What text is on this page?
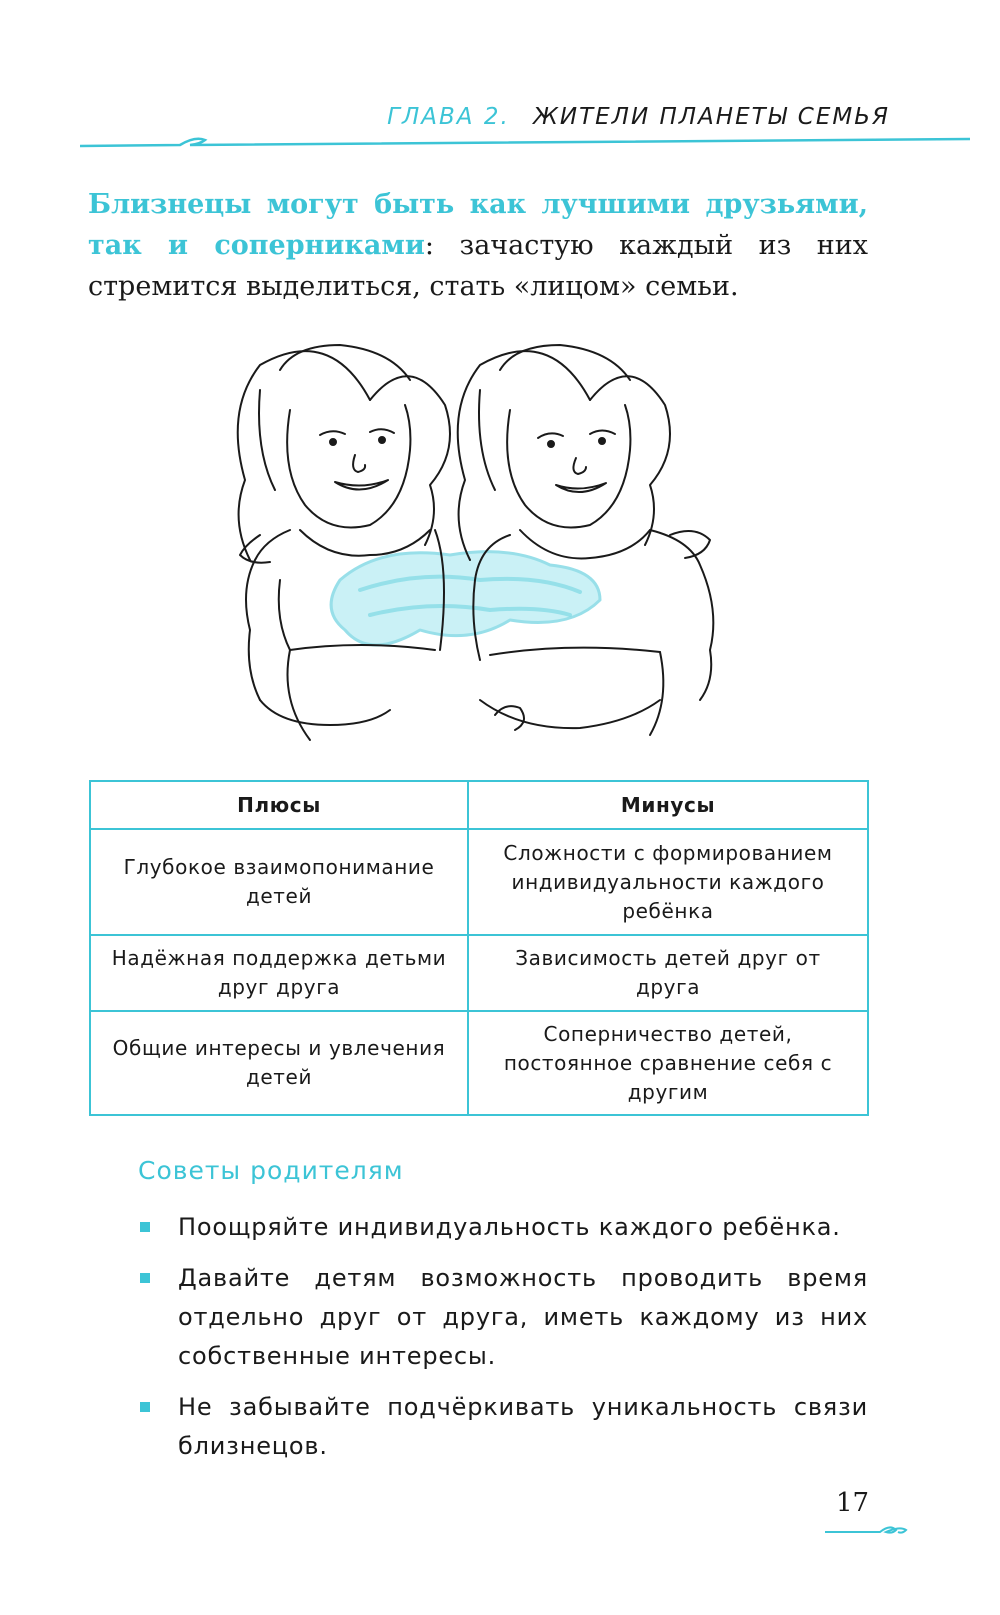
ГЛАВА 2. ЖИТЕЛИ ПЛАНЕТЫ СЕМЬЯ

Близнецы могут быть как лучшими друзьями, так и соперниками: зачастую каждый из них стремится выделиться, стать «лицом» семьи.

Плюсы	Минусы
Глубокое взаимопонимание детей	Сложности с формированием индивидуальности каждого ребёнка
Надёжная поддержка детьми друг друга	Зависимость детей друг от друга
Общие интересы и увлечения детей	Соперничество детей, постоянное сравнение себя с другим
Советы родителям
Поощряйте индивидуальность каждого ребёнка.
Давайте детям возможность проводить время отдельно друг от друга, иметь каждому из них собственные интересы.
Не забывайте подчёркивать уникальность связи близнецов.
17
